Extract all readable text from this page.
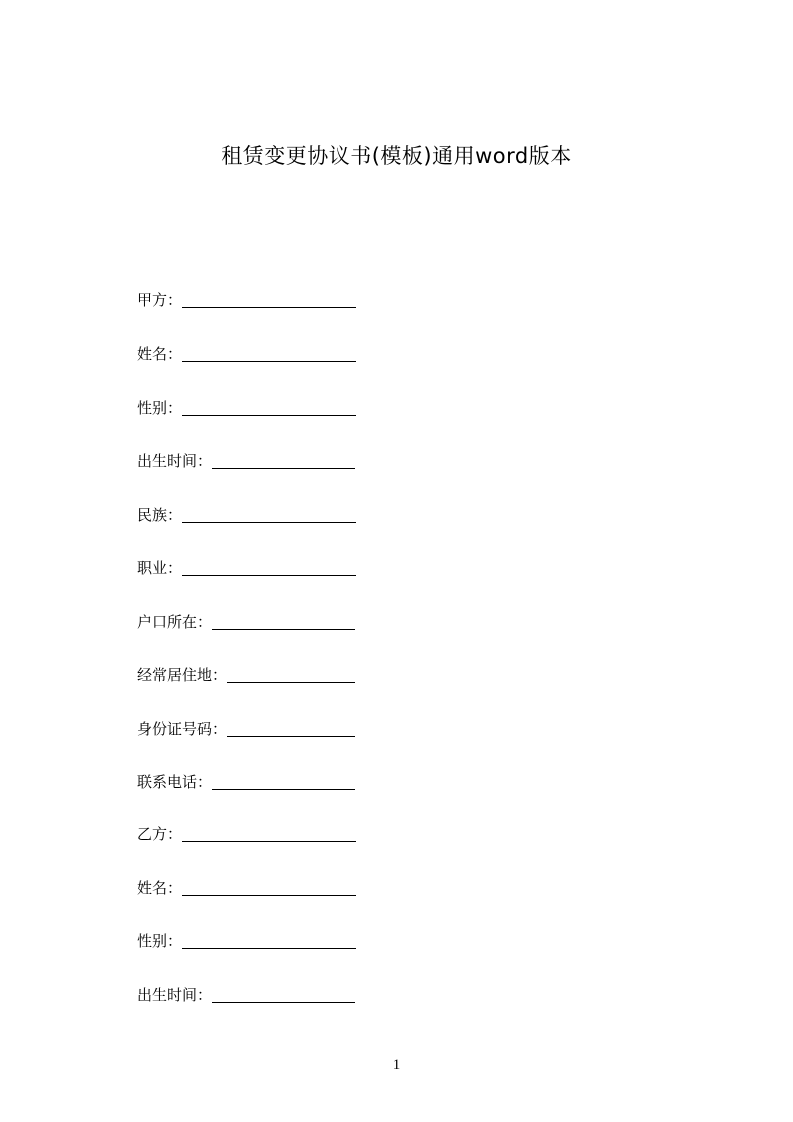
租赁变更协议书(模板)通用word版本
甲方：
姓名：
性别：
出生时间：
民族：
职业：
户口所在：
经常居住地：
身份证号码：
联系电话：
乙方：
姓名：
性别：
出生时间：
1
